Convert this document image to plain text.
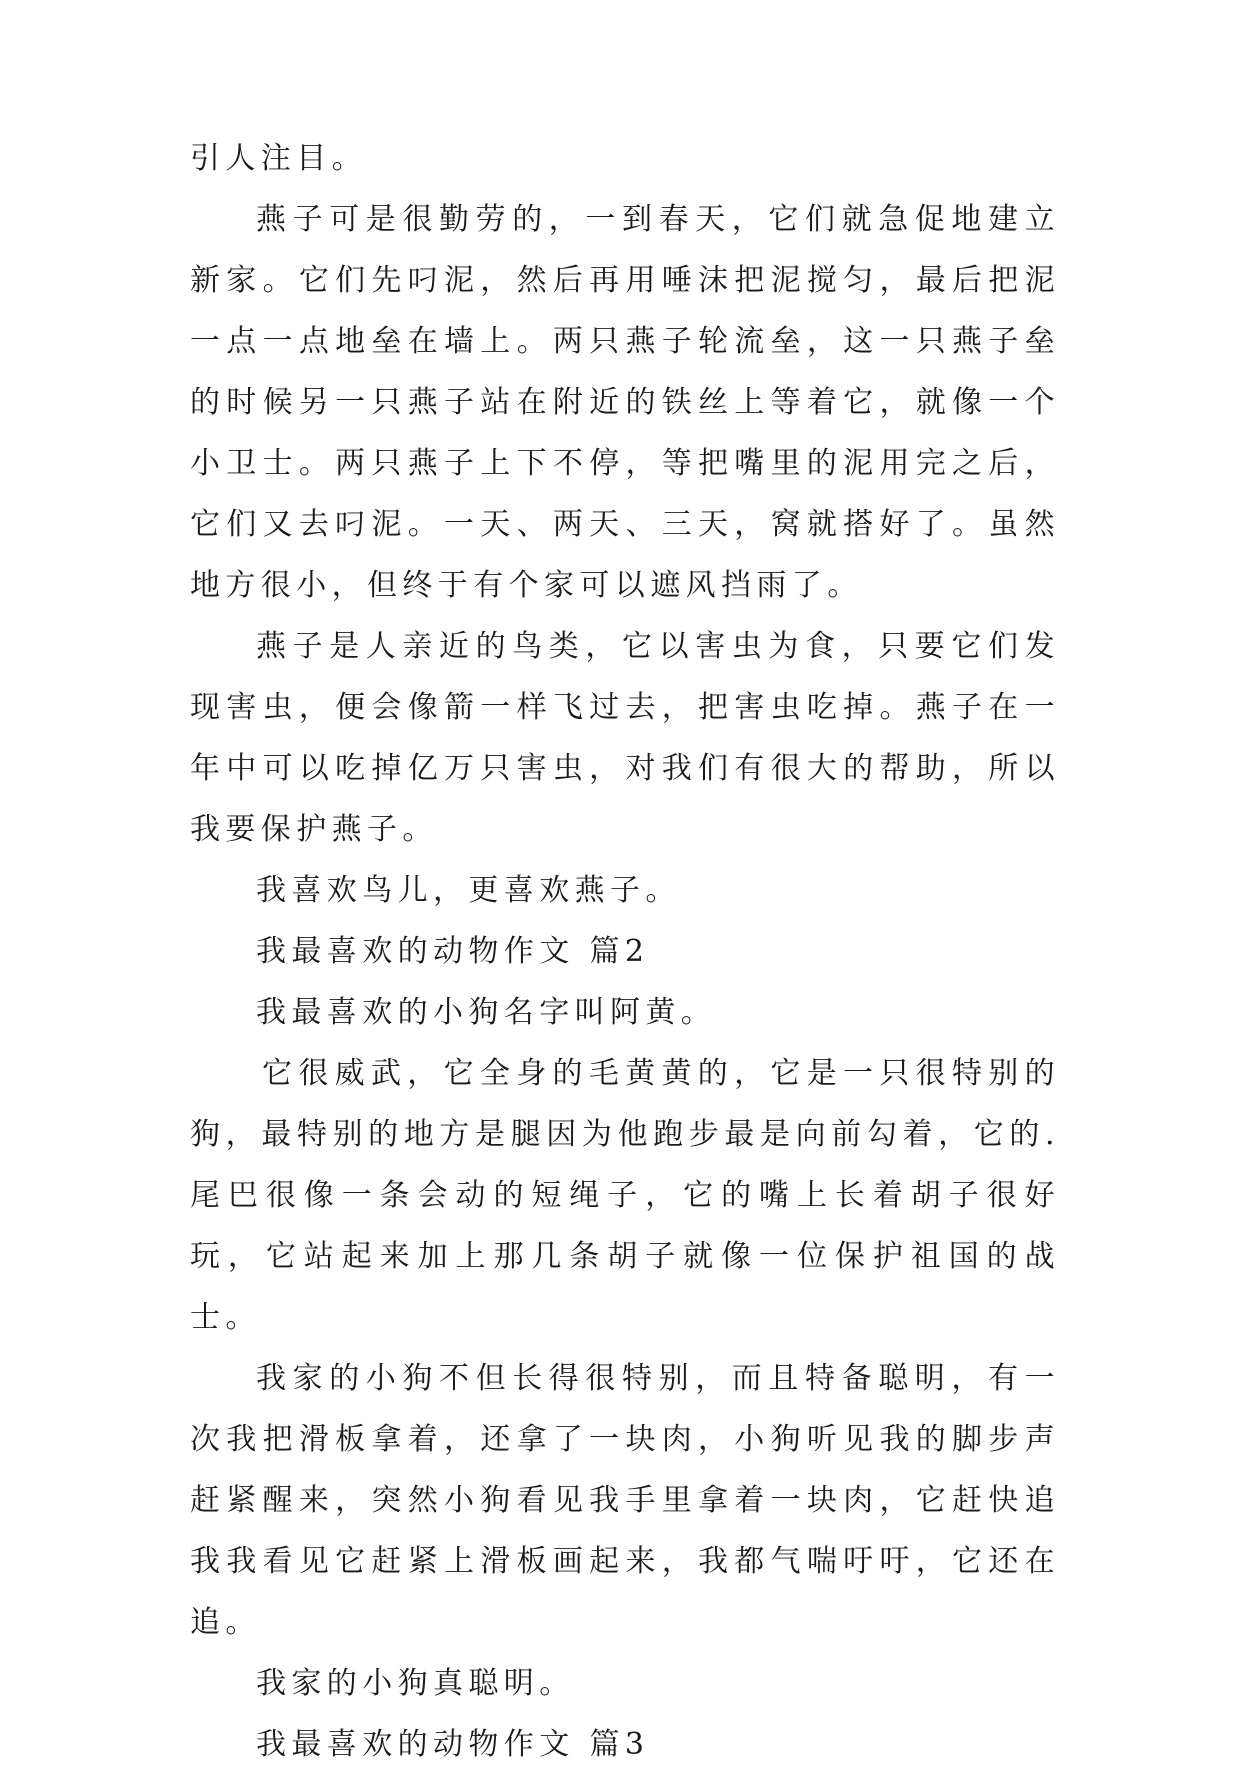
引人注目。

燕子可是很勤劳的，一到春天，它们就急促地建立新家。它们先叼泥，然后再用唾沫把泥搅匀，最后把泥一点一点地垒在墙上。两只燕子轮流垒，这一只燕子垒的时候另一只燕子站在附近的铁丝上等着它，就像一个小卫士。两只燕子上下不停，等把嘴里的泥用完之后，它们又去叼泥。一天、两天、三天，窝就搭好了。虽然地方很小，但终于有个家可以遮风挡雨了。

燕子是人亲近的鸟类，它以害虫为食，只要它们发现害虫，便会像箭一样飞过去，把害虫吃掉。燕子在一年中可以吃掉亿万只害虫，对我们有很大的帮助，所以我要保护燕子。

我喜欢鸟儿，更喜欢燕子。

我最喜欢的动物作文 篇2

我最喜欢的小狗名字叫阿黄。

它很威武，它全身的毛黄黄的，它是一只很特别的狗，最特别的地方是腿因为他跑步最是向前勾着，它的.尾巴很像一条会动的短绳子，它的嘴上长着胡子很好玩，它站起来加上那几条胡子就像一位保护祖国的战士。

我家的小狗不但长得很特别，而且特备聪明，有一次我把滑板拿着，还拿了一块肉，小狗听见我的脚步声赶紧醒来，突然小狗看见我手里拿着一块肉，它赶快追我我看见它赶紧上滑板画起来，我都气喘吁吁，它还在追。

我家的小狗真聪明。

我最喜欢的动物作文 篇3
